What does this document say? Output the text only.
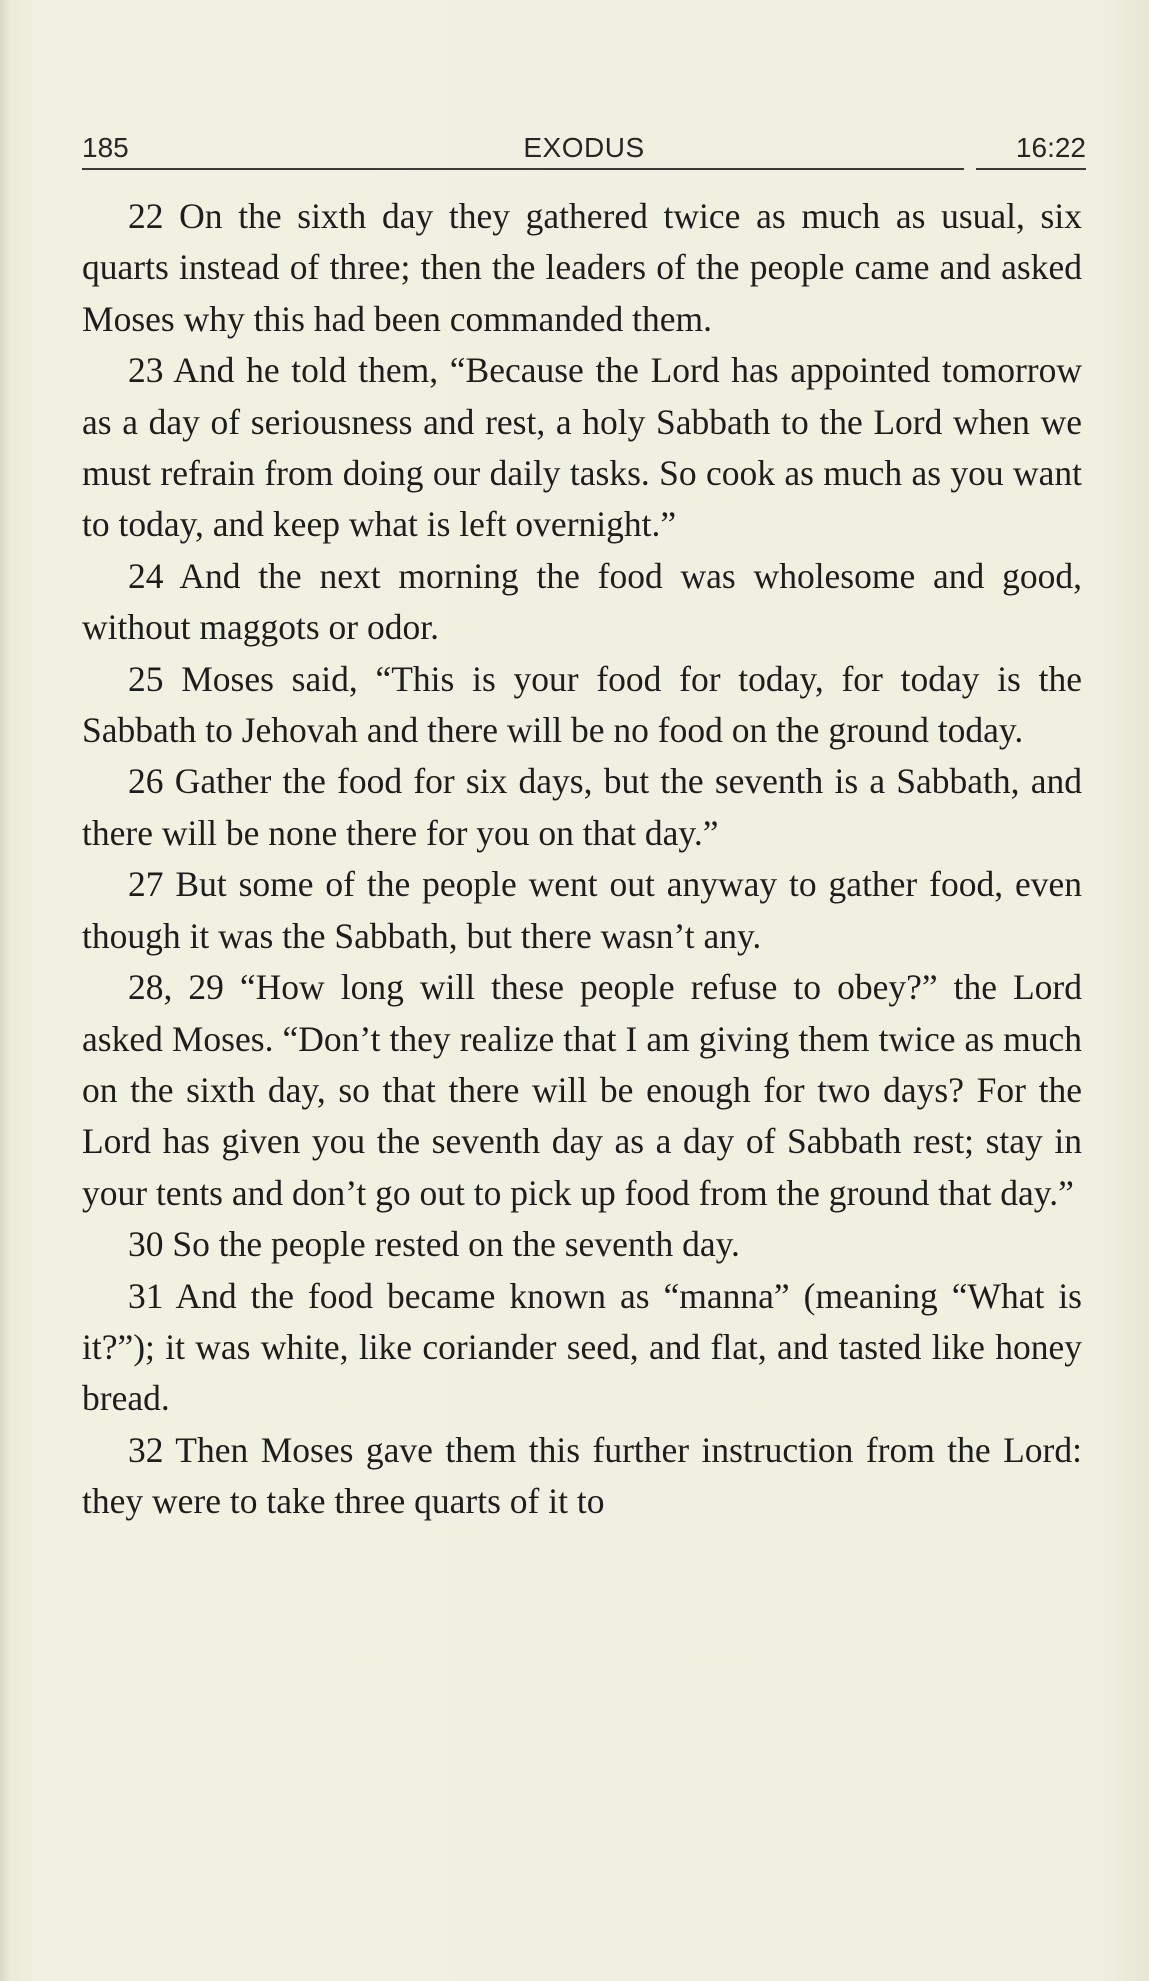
185	EXODUS	16:22

22 On the sixth day they gathered twice as much as usual, six quarts instead of three; then the leaders of the people came and asked Moses why this had been commanded them.

23 And he told them, “Because the Lord has appointed tomorrow as a day of seriousness and rest, a holy Sabbath to the Lord when we must refrain from doing our daily tasks. So cook as much as you want to today, and keep what is left overnight.”

24 And the next morning the food was wholesome and good, without maggots or odor.

25 Moses said, “This is your food for today, for today is the Sabbath to Jehovah and there will be no food on the ground today.

26 Gather the food for six days, but the seventh is a Sabbath, and there will be none there for you on that day.”

27 But some of the people went out anyway to gather food, even though it was the Sabbath, but there wasn’t any.

28, 29 “How long will these people refuse to obey?” the Lord asked Moses. “Don’t they realize that I am giving them twice as much on the sixth day, so that there will be enough for two days? For the Lord has given you the seventh day as a day of Sabbath rest; stay in your tents and don’t go out to pick up food from the ground that day.”

30 So the people rested on the seventh day.

31 And the food became known as “manna” (meaning “What is it?”); it was white, like coriander seed, and flat, and tasted like honey bread.

32 Then Moses gave them this further instruction from the Lord: they were to take three quarts of it to
